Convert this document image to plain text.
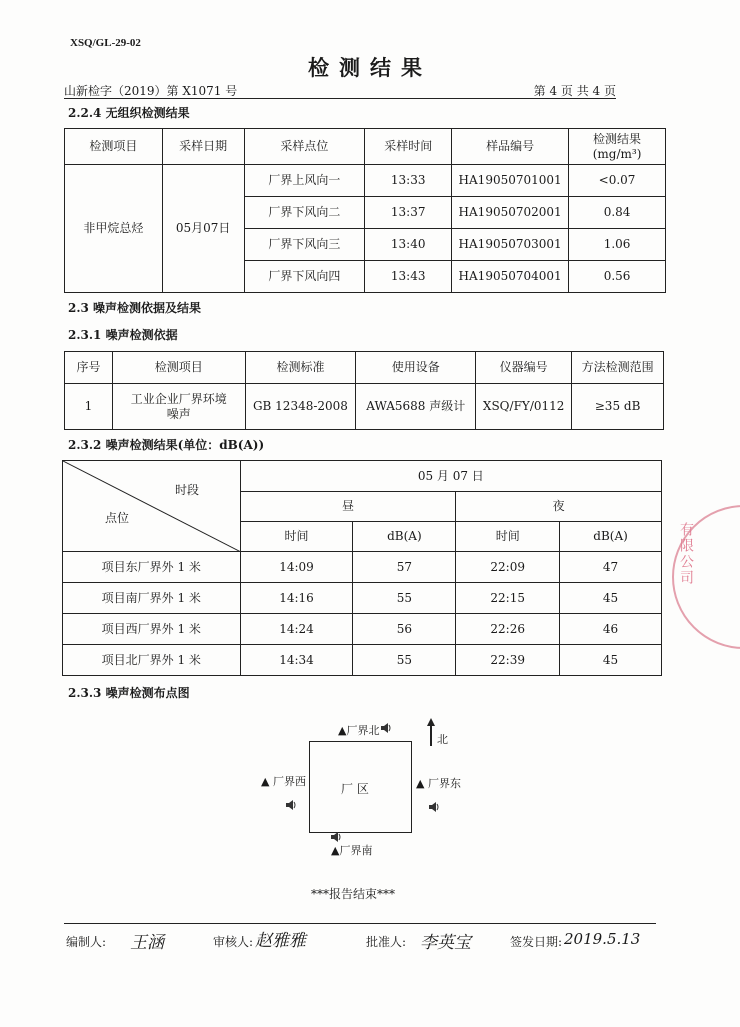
XSQ/GL-29-02
检测结果
山新检字（2019）第 X1071 号	第 4 页 共 4 页
2.2.4 无组织检测结果
检测项目	采样日期	采样点位	采样时间	样品编号	检测结果
(mg/m³)
非甲烷总烃	05月07日	厂界上风向一	13:33	HA19050701001	<0.07
		厂界下风向二	13:37	HA19050702001	0.84
		厂界下风向三	13:40	HA19050703001	1.06
		厂界下风向四	13:43	HA19050704001	0.56
2.3 噪声检测依据及结果
2.3.1 噪声检测依据
序号	检测项目	检测标准	使用设备	仪器编号	方法检测范围
1	工业企业厂界环境
噪声	GB 12348-2008	AWA5688 声级计	XSQ/FY/0112	≥35 dB
2.3.2 噪声检测结果(单位：dB(A))
时段
点位	05 月 07 日			
	昼		夜	
	时间	dB(A)	时间	dB(A)
项目东厂界外 1 米	14:09	57	22:09	47
项目南厂界外 1 米	14:16	55	22:15	45
项目西厂界外 1 米	14:24	56	22:26	46
项目北厂界外 1 米	14:34	55	22:39	45
有限公司
2.3.3 噪声检测布点图
厂 区
▲厂界北
▲厂界南
▲ 厂界西	▲ 厂界东
北
***报告结束***
编制人: 王涵	审核人: 赵雅雅	批准人: 李英宝	签发日期: 2019.5.13
